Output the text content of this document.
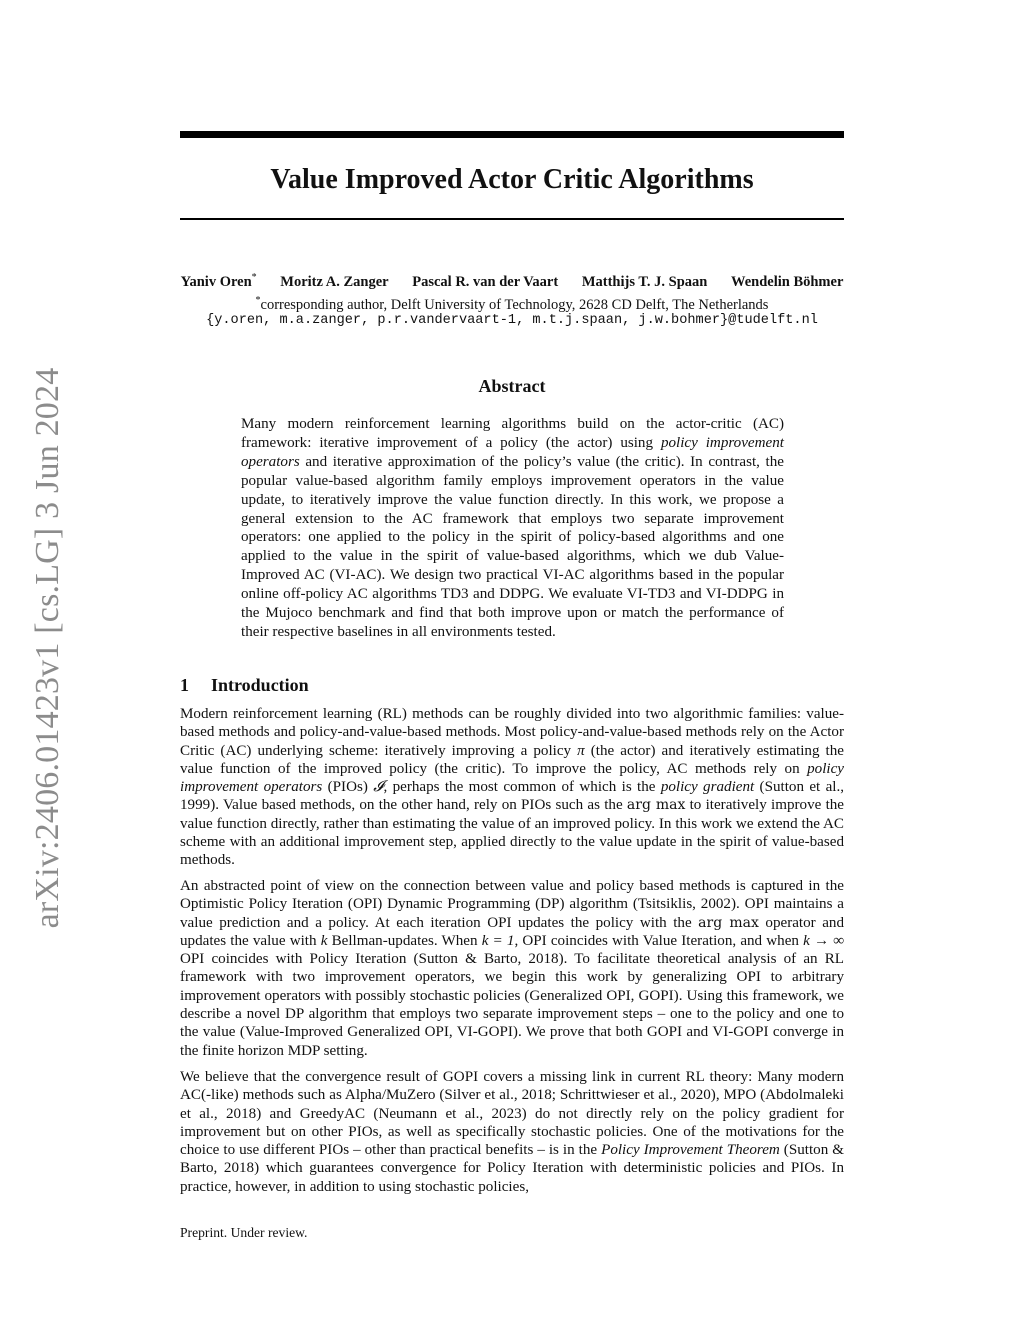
arXiv:2406.01423v1 [cs.LG] 3 Jun 2024
Value Improved Actor Critic Algorithms
Yaniv Oren* Moritz A. Zanger Pascal R. van der Vaart Matthijs T. J. Spaan Wendelin Böhmer
*corresponding author, Delft University of Technology, 2628 CD Delft, The Netherlands
{y.oren, m.a.zanger, p.r.vandervaart-1, m.t.j.spaan, j.w.bohmer}@tudelft.nl
Abstract

Many modern reinforcement learning algorithms build on the actor-critic (AC) framework: iterative improvement of a policy (the actor) using policy improvement operators and iterative approximation of the policy’s value (the critic). In contrast, the popular value-based algorithm family employs improvement operators in the value update, to iteratively improve the value function directly. In this work, we propose a general extension to the AC framework that employs two separate improvement operators: one applied to the policy in the spirit of policy-based algorithms and one applied to the value in the spirit of value-based algorithms, which we dub Value-Improved AC (VI-AC). We design two practical VI-AC algorithms based in the popular online off-policy AC algorithms TD3 and DDPG. We evaluate VI-TD3 and VI-DDPG in the Mujoco benchmark and find that both improve upon or match the performance of their respective baselines in all environments tested.

1 Introduction

Modern reinforcement learning (RL) methods can be roughly divided into two algorithmic families: value-based methods and policy-and-value-based methods. Most policy-and-value-based methods rely on the Actor Critic (AC) underlying scheme: iteratively improving a policy π (the actor) and iteratively estimating the value function of the improved policy (the critic). To improve the policy, AC methods rely on policy improvement operators (PIOs) 𝓘, perhaps the most common of which is the policy gradient (Sutton et al., 1999). Value based methods, on the other hand, rely on PIOs such as the arg max to iteratively improve the value function directly, rather than estimating the value of an improved policy. In this work we extend the AC scheme with an additional improvement step, applied directly to the value update in the spirit of value-based methods.

An abstracted point of view on the connection between value and policy based methods is captured in the Optimistic Policy Iteration (OPI) Dynamic Programming (DP) algorithm (Tsitsiklis, 2002). OPI maintains a value prediction and a policy. At each iteration OPI updates the policy with the arg max operator and updates the value with k Bellman-updates. When k = 1, OPI coincides with Value Iteration, and when k → ∞ OPI coincides with Policy Iteration (Sutton & Barto, 2018). To facilitate theoretical analysis of an RL framework with two improvement operators, we begin this work by generalizing OPI to arbitrary improvement operators with possibly stochastic policies (Generalized OPI, GOPI). Using this framework, we describe a novel DP algorithm that employs two separate improvement steps – one to the policy and one to the value (Value-Improved Generalized OPI, VI-GOPI). We prove that both GOPI and VI-GOPI converge in the finite horizon MDP setting.

We believe that the convergence result of GOPI covers a missing link in current RL theory: Many modern AC(-like) methods such as Alpha/MuZero (Silver et al., 2018; Schrittwieser et al., 2020), MPO (Abdolmaleki et al., 2018) and GreedyAC (Neumann et al., 2023) do not directly rely on the policy gradient for improvement but on other PIOs, as well as specifically stochastic policies. One of the motivations for the choice to use different PIOs – other than practical benefits – is in the Policy Improvement Theorem (Sutton & Barto, 2018) which guarantees convergence for Policy Iteration with deterministic policies and PIOs. In practice, however, in addition to using stochastic policies,

Preprint. Under review.
